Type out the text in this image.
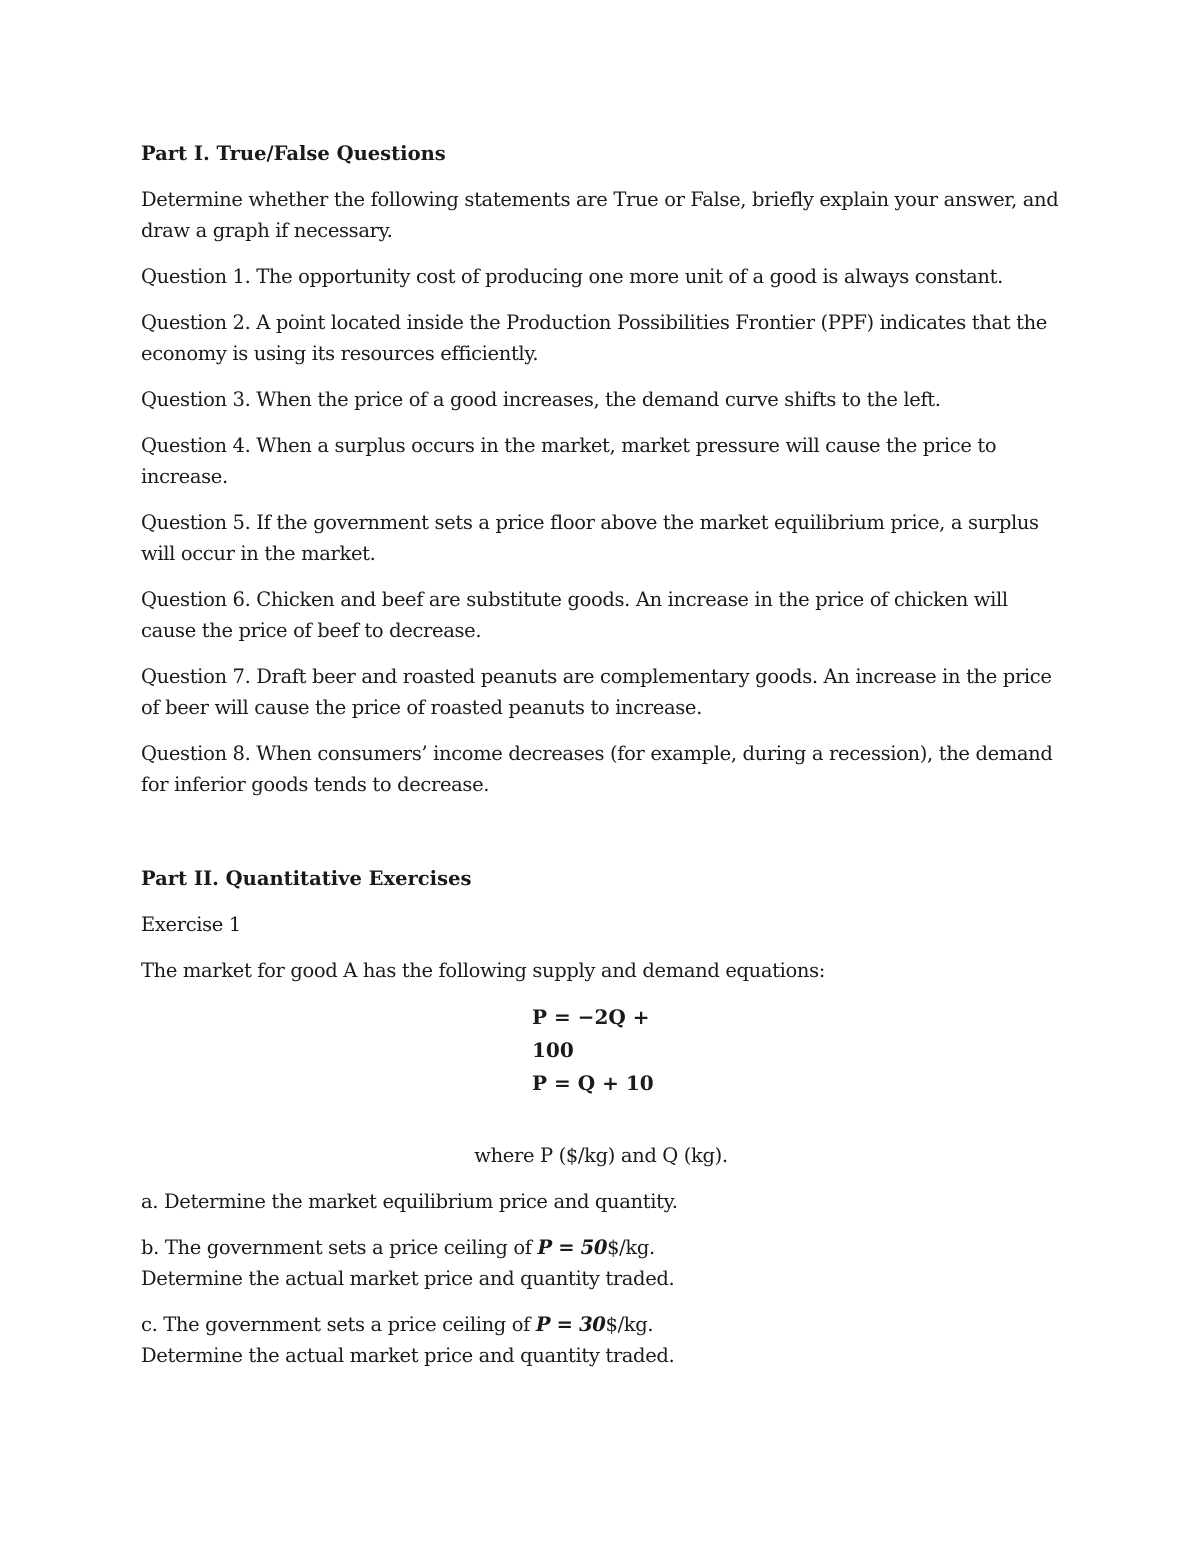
Part I. True/False Questions
Determine whether the following statements are True or False, briefly explain your answer, and draw a graph if necessary.
Question 1. The opportunity cost of producing one more unit of a good is always constant.
Question 2. A point located inside the Production Possibilities Frontier (PPF) indicates that the economy is using its resources efficiently.
Question 3. When the price of a good increases, the demand curve shifts to the left.
Question 4. When a surplus occurs in the market, market pressure will cause the price to increase.
Question 5. If the government sets a price floor above the market equilibrium price, a surplus will occur in the market.
Question 6. Chicken and beef are substitute goods. An increase in the price of chicken will cause the price of beef to decrease.
Question 7. Draft beer and roasted peanuts are complementary goods. An increase in the price of beer will cause the price of roasted peanuts to increase.
Question 8. When consumers’ income decreases (for example, during a recession), the demand for inferior goods tends to decrease.
Part II. Quantitative Exercises
Exercise 1
The market for good A has the following supply and demand equations:
P = −2Q + 100
P = Q + 10
where P ($/kg) and Q (kg).
a. Determine the market equilibrium price and quantity.
b. The government sets a price ceiling of P = 50$/kg.
Determine the actual market price and quantity traded.
c. The government sets a price ceiling of P = 30$/kg.
Determine the actual market price and quantity traded.
